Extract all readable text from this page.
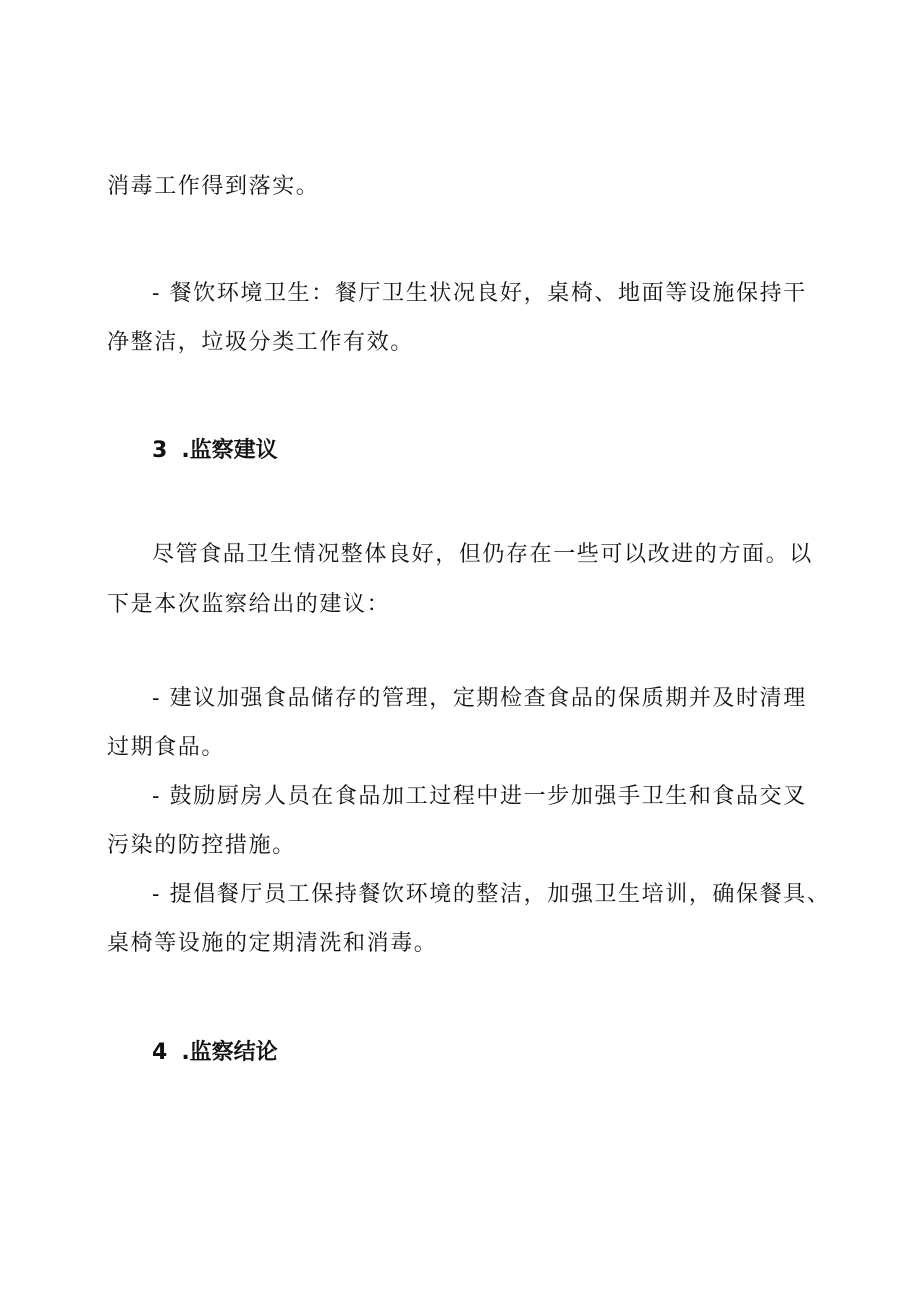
消毒工作得到落实。

- 餐饮环境卫生：餐厅卫生状况良好，桌椅、地面等设施保持干

净整洁，垃圾分类工作有效。

3 .监察建议

尽管食品卫生情况整体良好，但仍存在一些可以改进的方面。以

下是本次监察给出的建议：

- 建议加强食品储存的管理，定期检查食品的保质期并及时清理

过期食品。

- 鼓励厨房人员在食品加工过程中进一步加强手卫生和食品交叉

污染的防控措施。

- 提倡餐厅员工保持餐饮环境的整洁，加强卫生培训，确保餐具、

桌椅等设施的定期清洗和消毒。

4 .监察结论
